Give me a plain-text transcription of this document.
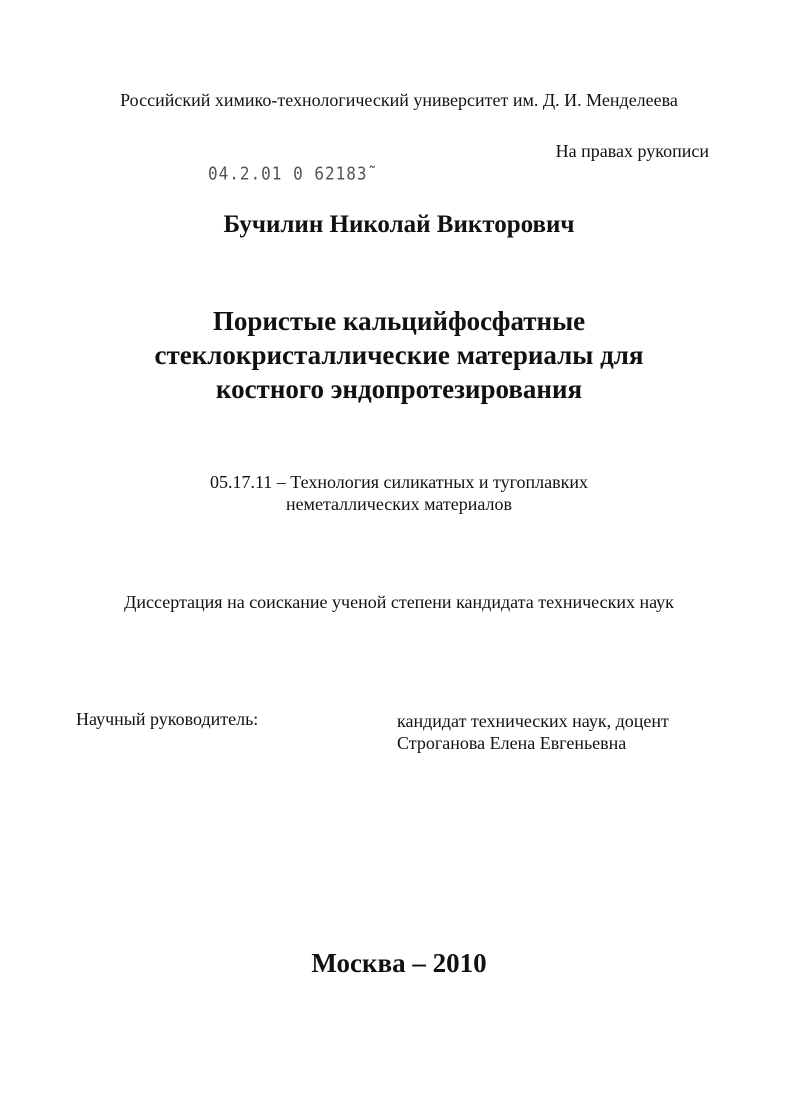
Российский химико-технологический университет им. Д. И. Менделеева
На правах рукописи
04.2.01 0 62183˜
Бучилин Николай Викторович
Пористые кальцийфосфатные
стеклокристаллические материалы для
костного эндопротезирования
05.17.11 – Технология силикатных и тугоплавких
неметаллических материалов
Диссертация на соискание ученой степени кандидата технических наук
Научный руководитель:	кандидат технических наук, доцент
Строганова Елена Евгеньевна
Москва – 2010
